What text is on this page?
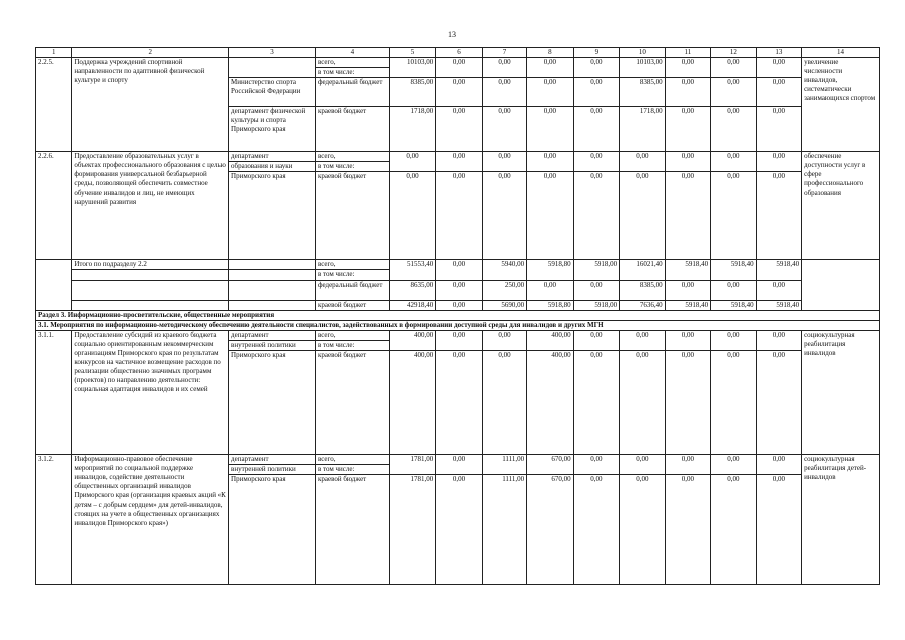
13
1	2	3	4	5	6	7	8	9	10	11	12	13	14
2.2.5.	Поддержка учреждений спортивной направленности по адаптивной физической культуре и спорту		всего,	10103,00	0,00	0,00	0,00	0,00	10103,00	0,00	0,00	0,00	увеличение численности инвалидов, систематически занимающихся спортом
			в том числе:										
		Министерство спорта Российской Федерации	федеральный бюджет	8385,00	0,00	0,00	0,00	0,00	8385,00	0,00	0,00	0,00	
		департамент физической культуры и спорта Приморского края	краевой бюджет	1718,00	0,00	0,00	0,00	0,00	1718,00	0,00	0,00	0,00	
2.2.6.	Предоставление образовательных услуг в объектах профессионального образования с целью формирования универсальной безбарьерной среды, позволяющей обеспечить совместное обучение инвалидов и лиц, не имеющих нарушений развития	департамент	всего,	0,00	0,00	0,00	0,00	0,00	0,00	0,00	0,00	0,00	обеспечение доступности услуг в сфере профессионального образования
		образования и науки	в том числе:										
		Приморского края	краевой бюджет	0,00	0,00	0,00	0,00	0,00	0,00	0,00	0,00	0,00	
	Итого по подразделу 2.2		всего,	51553,40	0,00	5940,00	5918,80	5918,00	16021,40	5918,40	5918,40	5918,40	
			в том числе:										
			федеральный бюджет	8635,00	0,00	250,00	0,00	0,00	8385,00	0,00	0,00	0,00	
			краевой бюджет	42918,40	0,00	5690,00	5918,80	5918,00	7636,40	5918,40	5918,40	5918,40	
Раздел 3. Информационно-просветительские, общественные мероприятия													
3.1. Мероприятия по информационно-методическому обеспечению деятельности специалистов, задействованных в формировании доступной среды для инвалидов и других МГН													
3.1.1.	Предоставление субсидий из краевого бюджета социально ориентированным некоммерческим организациям Приморского края по результатам конкурсов на частичное возмещение расходов по реализации общественно значимых программ (проектов) по направлению деятельности: социальная адаптация инвалидов и их семей	департамент	всего,	400,00	0,00	0,00	400,00	0,00	0,00	0,00	0,00	0,00	социокультурная реабилитация инвалидов
		внутренней политики	в том числе:										
		Приморского края	краевой бюджет	400,00	0,00	0,00	400,00	0,00	0,00	0,00	0,00	0,00	
3.1.2.	Информационно-правовое обеспечение мероприятий по социальной поддержке инвалидов, содействие деятельности общественных организаций инвалидов Приморского края (организация краевых акций «К детям – с добрым сердцем» для детей-инвалидов, стоящих на учете в общественных организациях инвалидов Приморского края»)	департамент	всего,	1781,00	0,00	1111,00	670,00	0,00	0,00	0,00	0,00	0,00	социокультурная реабилитация детей-инвалидов
		внутренней политики	в том числе:										
		Приморского края	краевой бюджет	1781,00	0,00	1111,00	670,00	0,00	0,00	0,00	0,00	0,00	
